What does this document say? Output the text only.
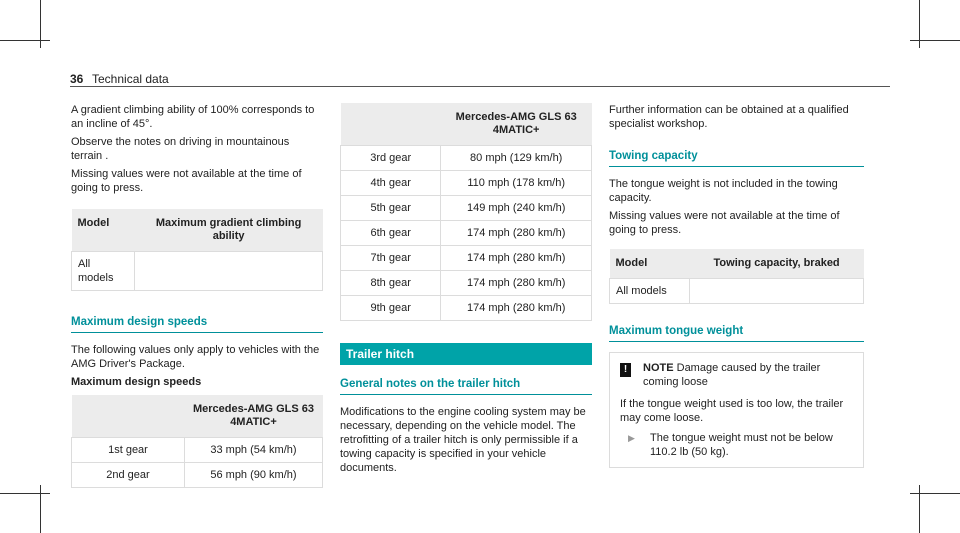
36 Technical data

A gradient climbing ability of 100% corresponds to an incline of 45°.

Observe the notes on driving in mountainous terrain .

Missing values were not available at the time of going to press.

Model	Maximum gradient climbing ability
All models	
Maximum design speeds

The following values only apply to vehicles with the AMG Driver's Package.

Maximum design speeds
	Mercedes-AMG GLS 63 4MATIC+
1st gear	33 mph (54 km/h)
2nd gear	56 mph (90 km/h)
	Mercedes-AMG GLS 63 4MATIC+
3rd gear	80 mph (129 km/h)
4th gear	110 mph (178 km/h)
5th gear	149 mph (240 km/h)
6th gear	174 mph (280 km/h)
7th gear	174 mph (280 km/h)
8th gear	174 mph (280 km/h)
9th gear	174 mph (280 km/h)
Trailer hitch
General notes on the trailer hitch

Modifications to the engine cooling system may be necessary, depending on the vehicle model. The retrofitting of a trailer hitch is only permissible if a towing capacity is specified in your vehicle documents.

Further information can be obtained at a qualified specialist workshop.

Towing capacity

The tongue weight is not included in the towing capacity.

Missing values were not available at the time of going to press.

Model	Towing capacity, braked
All models	
Maximum tongue weight
!	NOTE Damage caused by the trailer coming loose

If the tongue weight used is too low, the trailer may come loose.

▶	The tongue weight must not be below 110.2 lb (50 kg).
